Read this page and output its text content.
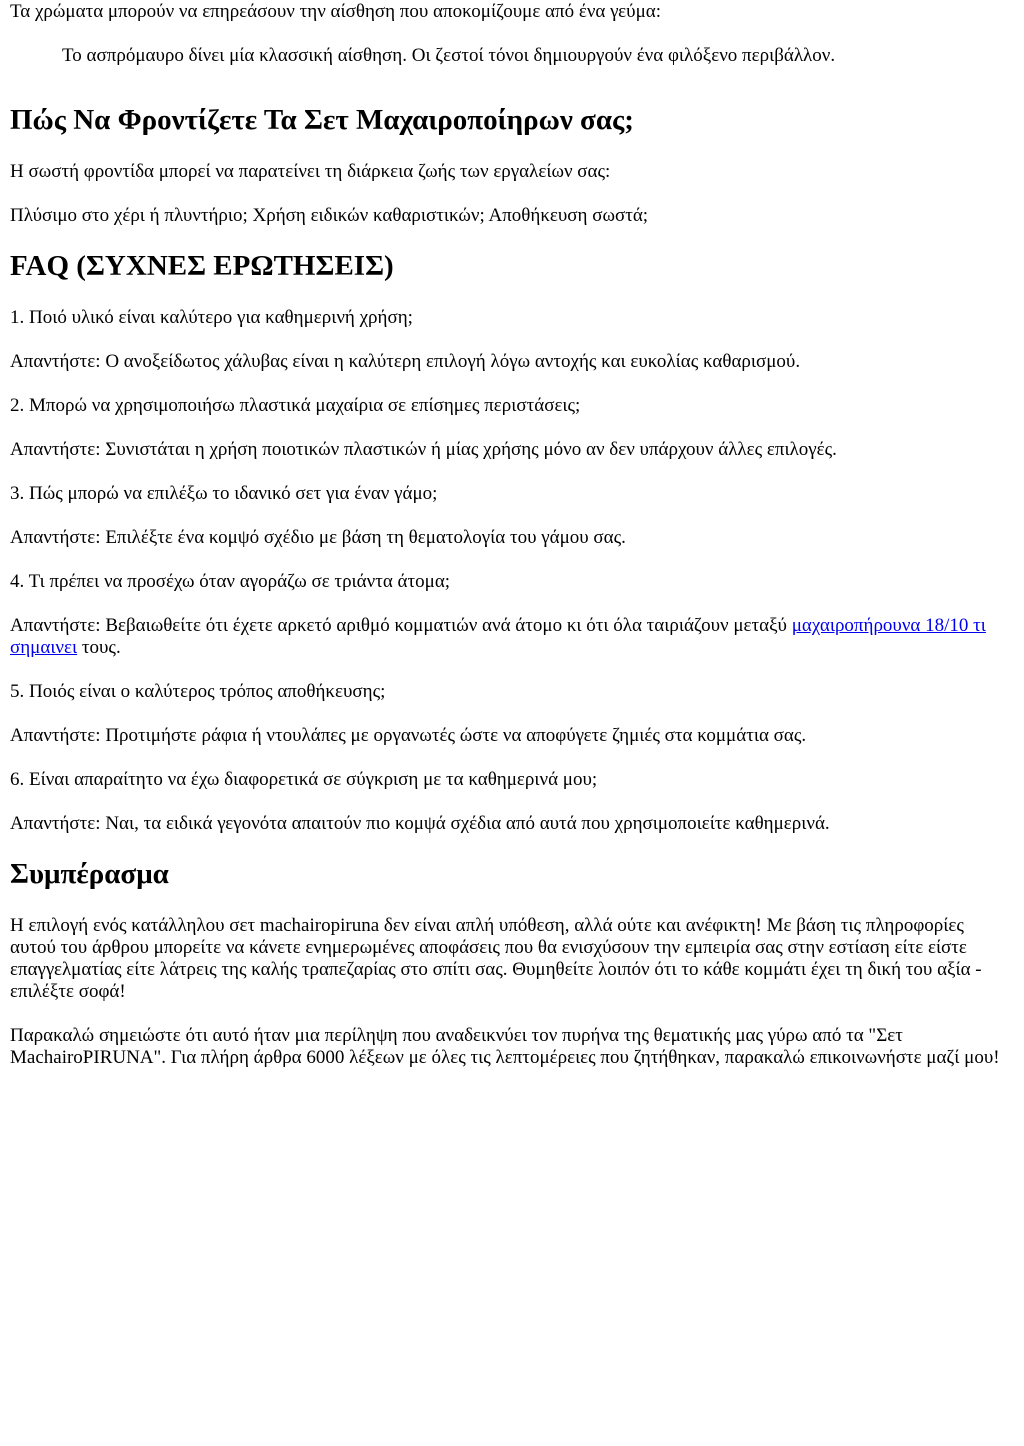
Τα χρώματα μπορούν να επηρεάσουν την αίσθηση που αποκομίζουμε από ένα γεύμα:

Το ασπρόμαυρο δίνει μία κλασσική αίσθηση. Οι ζεστοί τόνοι δημιουργούν ένα φιλόξενο περιβάλλον.

Πώς Να Φροντίζετε Τα Σετ Μαχαιροποίηρων σας;

Η σωστή φροντίδα μπορεί να παρατείνει τη διάρκεια ζωής των εργαλείων σας:

Πλύσιμο στο χέρι ή πλυντήριο; Χρήση ειδικών καθαριστικών; Αποθήκευση σωστά;

FAQ (ΣΥΧΝΕΣ ΕΡΩΤΗΣΕΙΣ)

1. Ποιό υλικό είναι καλύτερο για καθημερινή χρήση;

Απαντήστε: Ο ανοξείδωτος χάλυβας είναι η καλύτερη επιλογή λόγω αντοχής και ευκολίας καθαρισμού.

2. Μπορώ να χρησιμοποιήσω πλαστικά μαχαίρια σε επίσημες περιστάσεις;

Απαντήστε: Συνιστάται η χρήση ποιοτικών πλαστικών ή μίας χρήσης μόνο αν δεν υπάρχουν άλλες επιλογές.

3. Πώς μπορώ να επιλέξω το ιδανικό σετ για έναν γάμο;

Απαντήστε: Επιλέξτε ένα κομψό σχέδιο με βάση τη θεματολογία του γάμου σας.

4. Τι πρέπει να προσέχω όταν αγοράζω σε τριάντα άτομα;

Απαντήστε: Βεβαιωθείτε ότι έχετε αρκετό αριθμό κομματιών ανά άτομο κι ότι όλα ταιριάζουν μεταξύ μαχαιροπήρουνα 18/10 τι σημαινει τους.

5. Ποιός είναι ο καλύτερος τρόπος αποθήκευσης;

Απαντήστε: Προτιμήστε ράφια ή ντουλάπες με οργανωτές ώστε να αποφύγετε ζημιές στα κομμάτια σας.

6. Είναι απαραίτητο να έχω διαφορετικά σε σύγκριση με τα καθημερινά μου;

Απαντήστε: Ναι, τα ειδικά γεγονότα απαιτούν πιο κομψά σχέδια από αυτά που χρησιμοποιείτε καθημερινά.

Συμπέρασμα

Η επιλογή ενός κατάλληλου σετ machairopiruna δεν είναι απλή υπόθεση, αλλά ούτε και ανέφικτη! Με βάση τις πληροφορίες αυτού του άρθρου μπορείτε να κάνετε ενημερωμένες αποφάσεις που θα ενισχύσουν την εμπειρία σας στην εστίαση είτε είστε επαγγελματίας είτε λάτρεις της καλής τραπεζαρίας στο σπίτι σας. Θυμηθείτε λοιπόν ότι το κάθε κομμάτι έχει τη δική του αξία - επιλέξτε σοφά!

Παρακαλώ σημειώστε ότι αυτό ήταν μια περίληψη που αναδεικνύει τον πυρήνα της θεματικής μας γύρω από τα "Σετ MachairoPIRUNA". Για πλήρη άρθρα 6000 λέξεων με όλες τις λεπτομέρειες που ζητήθηκαν, παρακαλώ επικοινωνήστε μαζί μου!
